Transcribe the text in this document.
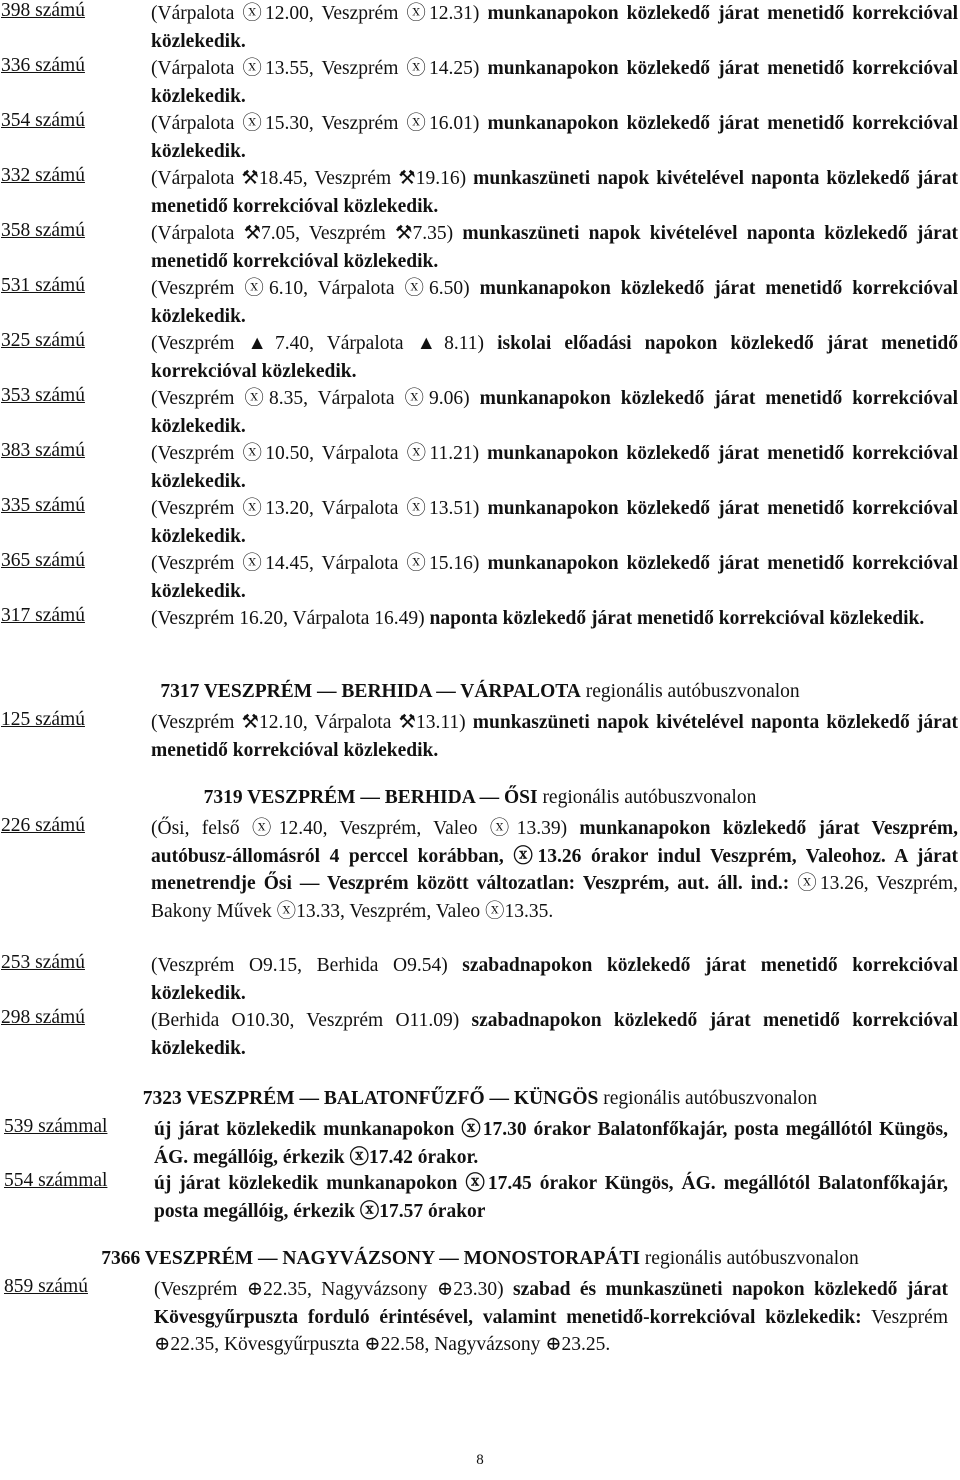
398 számú	(Várpalota ⓧ12.00, Veszprém ⓧ12.31) munkanapokon közlekedő járat menetidő korrekcióval közlekedik.
336 számú	(Várpalota ⓧ13.55, Veszprém ⓧ14.25) munkanapokon közlekedő járat menetidő korrekcióval közlekedik.
354 számú	(Várpalota ⓧ15.30, Veszprém ⓧ16.01) munkanapokon közlekedő járat menetidő korrekcióval közlekedik.
332 számú	(Várpalota ⚒18.45, Veszprém ⚒19.16) munkaszüneti napok kivételével naponta közlekedő járat menetidő korrekcióval közlekedik.
358 számú	(Várpalota ⚒7.05, Veszprém ⚒7.35) munkaszüneti napok kivételével naponta közlekedő járat menetidő korrekcióval közlekedik.
531 számú	(Veszprém ⓧ6.10, Várpalota ⓧ6.50) munkanapokon közlekedő járat menetidő korrekcióval közlekedik.
325 számú	(Veszprém ▲7.40, Várpalota ▲8.11) iskolai előadási napokon közlekedő járat menetidő korrekcióval közlekedik.
353 számú	(Veszprém ⓧ8.35, Várpalota ⓧ9.06) munkanapokon közlekedő járat menetidő korrekcióval közlekedik.
383 számú	(Veszprém ⓧ10.50, Várpalota ⓧ11.21) munkanapokon közlekedő járat menetidő korrekcióval közlekedik.
335 számú	(Veszprém ⓧ13.20, Várpalota ⓧ13.51) munkanapokon közlekedő járat menetidő korrekcióval közlekedik.
365 számú	(Veszprém ⓧ14.45, Várpalota ⓧ15.16) munkanapokon közlekedő járat menetidő korrekcióval közlekedik.
317 számú	(Veszprém 16.20, Várpalota 16.49) naponta közlekedő járat menetidő korrekcióval közlekedik.
7317 VESZPRÉM — BERHIDA — VÁRPALOTA regionális autóbuszvonalon
125 számú	(Veszprém ⚒12.10, Várpalota ⚒13.11) munkaszüneti napok kivételével naponta közlekedő járat menetidő korrekcióval közlekedik.
7319 VESZPRÉM — BERHIDA — ŐSI regionális autóbuszvonalon
226 számú	(Ősi, felső ⓧ12.40, Veszprém, Valeo ⓧ13.39) munkanapokon közlekedő járat Veszprém, autóbusz-állomásról 4 perccel korábban, ⓧ13.26 órakor indul Veszprém, Valeohoz. A járat menetrendje Ősi — Veszprém között változatlan: Veszprém, aut. áll. ind.: ⓧ13.26, Veszprém, Bakony Művek ⓧ13.33, Veszprém, Valeo ⓧ13.35.
253 számú	(Veszprém O9.15, Berhida O9.54) szabadnapokon közlekedő járat menetidő korrekcióval közlekedik.
298 számú	(Berhida O10.30, Veszprém O11.09) szabadnapokon közlekedő járat menetidő korrekcióval közlekedik.
7323 VESZPRÉM — BALATONFŰZFŐ — KÜNGÖS regionális autóbuszvonalon
539 számmal új járat közlekedik munkanapokon ⓧ17.30 órakor Balatonfőkajár, posta megállótól Küngös, ÁG. megállóig, érkezik ⓧ17.42 órakor.
554 számmal új járat közlekedik munkanapokon ⓧ17.45 órakor Küngös, ÁG. megállótól Balatonfőkajár, posta megállóig, érkezik ⓧ17.57 órakor
7366 VESZPRÉM — NAGYVÁZSONY — MONOSTORAPÁTI regionális autóbuszvonalon
859 számú	(Veszprém ⊕22.35, Nagyvázsony ⊕23.30) szabad és munkaszüneti napokon közlekedő járat Kövesgyűrpuszta forduló érintésével, valamint menetidő-korrekcióval közlekedik: Veszprém ⊕22.35, Kövesgyűrpuszta ⊕22.58, Nagyvázsony ⊕23.25.
8
